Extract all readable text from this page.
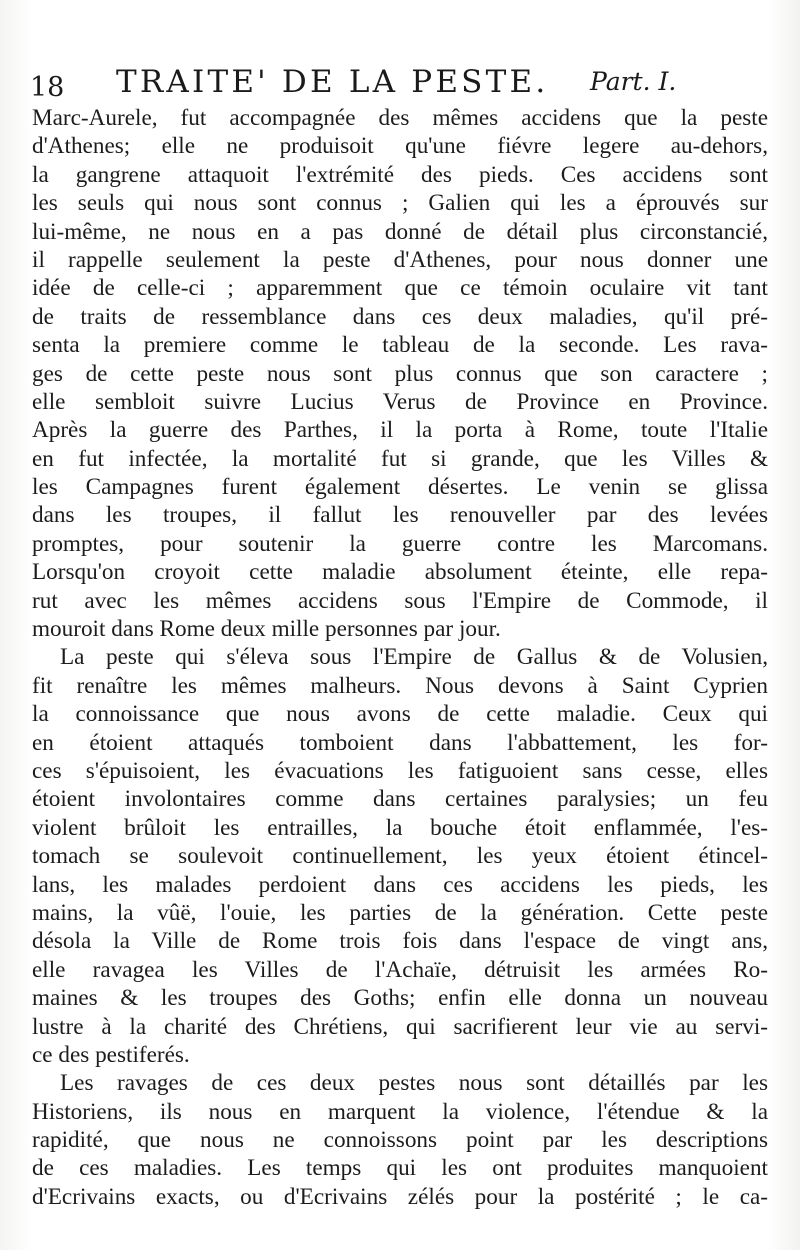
18 TRAITE' DE LA PESTE. Part. I.
Marc-Aurele, fut accompagnée des mêmes accidens que la peste
d'Athenes; elle ne produisoit qu'une fiévre legere au-dehors,
la gangrene attaquoit l'extrémité des pieds. Ces accidens sont
les seuls qui nous sont connus ; Galien qui les a éprouvés sur
lui-même, ne nous en a pas donné de détail plus circonstancié,
il rappelle seulement la peste d'Athenes, pour nous donner une
idée de celle-ci ; apparemment que ce témoin oculaire vit tant
de traits de ressemblance dans ces deux maladies, qu'il pré-
senta la premiere comme le tableau de la seconde. Les rava-
ges de cette peste nous sont plus connus que son caractere ;
elle sembloit suivre Lucius Verus de Province en Province.
Après la guerre des Parthes, il la porta à Rome, toute l'Italie
en fut infectée, la mortalité fut si grande, que les Villes &
les Campagnes furent également désertes. Le venin se glissa
dans les troupes, il fallut les renouveller par des levées
promptes, pour soutenir la guerre contre les Marcomans.
Lorsqu'on croyoit cette maladie absolument éteinte, elle repa-
rut avec les mêmes accidens sous l'Empire de Commode, il
mouroit dans Rome deux mille personnes par jour.
La peste qui s'éleva sous l'Empire de Gallus & de Volusien,
fit renaître les mêmes malheurs. Nous devons à Saint Cyprien
la connoissance que nous avons de cette maladie. Ceux qui
en étoient attaqués tomboient dans l'abbattement, les for-
ces s'épuisoient, les évacuations les fatiguoient sans cesse, elles
étoient involontaires comme dans certaines paralysies; un feu
violent brûloit les entrailles, la bouche étoit enflammée, l'es-
tomach se soulevoit continuellement, les yeux étoient étincel-
lans, les malades perdoient dans ces accidens les pieds, les
mains, la vûë, l'ouie, les parties de la génération. Cette peste
désola la Ville de Rome trois fois dans l'espace de vingt ans,
elle ravagea les Villes de l'Achaïe, détruisit les armées Ro-
maines & les troupes des Goths; enfin elle donna un nouveau
lustre à la charité des Chrétiens, qui sacrifierent leur vie au servi-
ce des pestiferés.
Les ravages de ces deux pestes nous sont détaillés par les
Historiens, ils nous en marquent la violence, l'étendue & la
rapidité, que nous ne connoissons point par les descriptions
de ces maladies. Les temps qui les ont produites manquoient
d'Ecrivains exacts, ou d'Ecrivains zélés pour la postérité ; le ca-
